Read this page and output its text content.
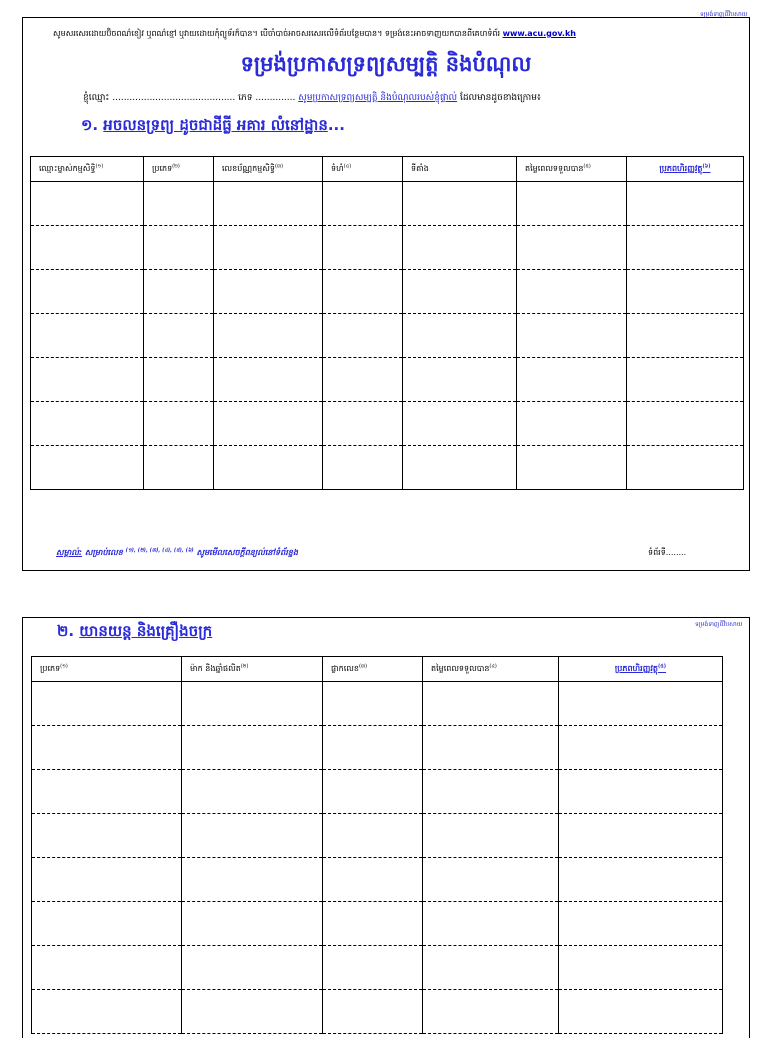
ទម្រង់ទាញពីវិបសាយ
សូមសរសេរដោយប៊ិចពណ៌ខៀវ ឬពណ៌ខ្មៅ ឬវាយដោយកុំព្យូទ័រក៏បាន។ បើចាំបាច់អាចសរសេរលើទំព័របន្ថែមបាន។ ទម្រង់នេះអាចទាញយកបានពីគេហទំព័រ www.acu.gov.kh
ទម្រង់ប្រកាសទ្រព្យសម្បត្តិ និងបំណុល
ខ្ញុំឈ្មោះ ........................................... ភេទ .............. សូមប្រកាសទ្រព្យសម្បត្តិ និងបំណុលរបស់ខ្ញុំផ្ទាល់ ដែលមានដូចខាងក្រោម៖
១. អចលនទ្រព្យ ដូចជាដីធ្លី អគារ លំនៅដ្ឋាន...
ឈ្មោះម្ចាស់កម្មសិទ្ធិ$^{(១)}$	ប្រភេទ$^{(២)}$	លេខប័ណ្ណកម្មសិទ្ធិ$^{(៣)}$	ទំហំ$^{(៤)}$	ទីតាំង	តម្លៃពេលទទួលបាន$^{(៥)}$	ប្រភពហិរញ្ញវត្ថុ$^{(៦)}$

សម្គាល់: សម្រាប់លេខ $^{(១), (២), (៣), (៤), (៥), (៦)}$ សូមមើលសេចក្តីពន្យល់នៅទំព័រខ្នង	ទំព័រទី........
ទម្រង់ទាញពីវិបសាយ
២. យានយន្ត និងគ្រឿងចក្រ
ប្រភេទ$^{(១)}$	ម៉ាក និងឆ្នាំផលិត$^{(២)}$	ផ្លាកលេខ$^{(៣)}$	តម្លៃពេលទទួលបាន$^{(៤)}$	ប្រភពហិរញ្ញវត្ថុ$^{(៥)}$
